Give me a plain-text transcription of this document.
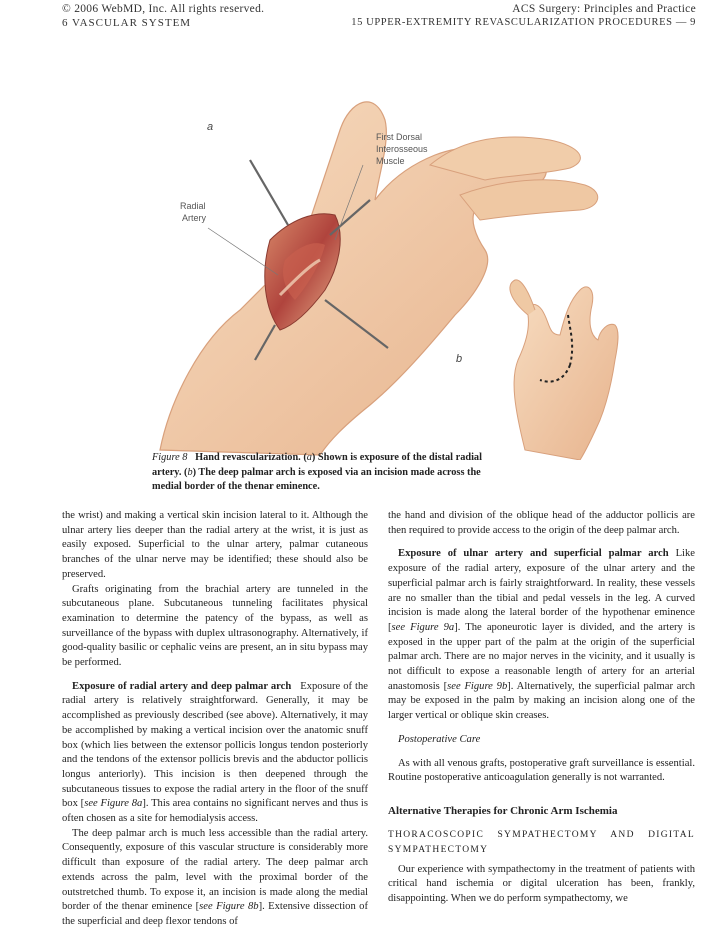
© 2006 WebMD, Inc. All rights reserved.
6 VASCULAR SYSTEM
ACS Surgery: Principles and Practice
15 UPPER-EXTREMITY REVASCULARIZATION PROCEDURES — 9
a
b
First Dorsal
Interosseous
Muscle
Radial
Artery
Figure 8 Hand revascularization. (a) Shown is exposure of the distal radial artery. (b) The deep palmar arch is exposed via an incision made across the medial border of the thenar eminence.

the wrist) and making a vertical skin incision lateral to it. Although the ulnar artery lies deeper than the radial artery at the wrist, it is just as easily exposed. Superficial to the ulnar artery, palmar cutaneous branches of the ulnar nerve may be identified; these should also be preserved.

Grafts originating from the brachial artery are tunneled in the subcutaneous plane. Subcutaneous tunneling facilitates physical examination to determine the patency of the bypass, as well as surveillance of the bypass with duplex ultrasonography. Alternatively, if good-quality basilic or cephalic veins are present, an in situ bypass may be performed.

Exposure of radial artery and deep palmar arch Exposure of the radial artery is relatively straightforward. Generally, it may be accomplished as previously described (see above). Alternatively, it may be accomplished by making a vertical incision over the anatomic snuff box (which lies between the extensor pollicis longus tendon posteriorly and the tendons of the extensor pollicis brevis and the abductor pollicis longus anteriorly). This incision is then deepened through the subcutaneous tissues to expose the radial artery in the floor of the snuff box [see Figure 8a]. This area contains no significant nerves and thus is often chosen as a site for hemodialysis access.

The deep palmar arch is much less accessible than the radial artery. Consequently, exposure of this vascular structure is considerably more difficult than exposure of the radial artery. The deep palmar arch extends across the palm, level with the proximal border of the outstretched thumb. To expose it, an incision is made along the medial border of the thenar eminence [see Figure 8b]. Extensive dissection of the superficial and deep flexor tendons of

the hand and division of the oblique head of the adductor pollicis are then required to provide access to the origin of the deep palmar arch.

Exposure of ulnar artery and superficial palmar arch Like exposure of the radial artery, exposure of the ulnar artery and the superficial palmar arch is fairly straightforward. In reality, these vessels are no smaller than the tibial and pedal vessels in the leg. A curved incision is made along the lateral border of the hypothenar eminence [see Figure 9a]. The aponeurotic layer is divided, and the artery is exposed in the upper part of the palm at the origin of the superficial palmar arch. There are no major nerves in the vicinity, and it usually is not difficult to expose a reasonable length of artery for an arterial anastomosis [see Figure 9b]. Alternatively, the superficial palmar arch may be exposed in the palm by making an incision along one of the larger vertical or oblique skin creases.

Postoperative Care

As with all venous grafts, postoperative graft surveillance is essential. Routine postoperative anticoagulation generally is not warranted.

Alternative Therapies for Chronic Arm Ischemia

THORACOSCOPIC SYMPATHECTOMY AND DIGITAL SYMPATHECTOMY

Our experience with sympathectomy in the treatment of patients with critical hand ischemia or digital ulceration has been, frankly, disappointing. When we do perform sympathectomy, we
